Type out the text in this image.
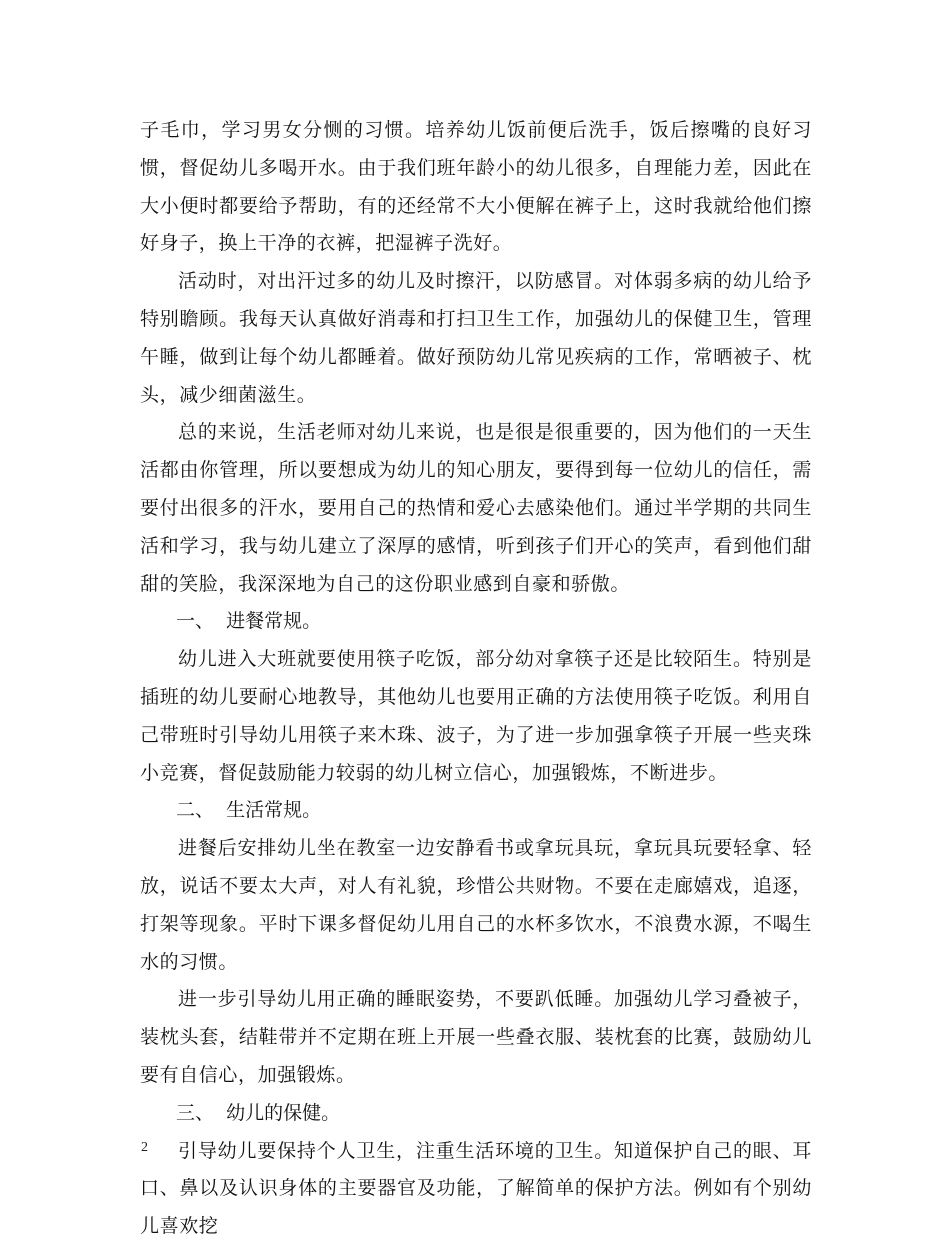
子毛巾，学习男女分恻的习惯。培养幼儿饭前便后洗手，饭后擦嘴的良好习惯，督促幼儿多喝开水。由于我们班年龄小的幼儿很多，自理能力差，因此在大小便时都要给予帮助，有的还经常不大小便解在裤子上，这时我就给他们擦好身子，换上干净的衣裤，把湿裤子洗好。

活动时，对出汗过多的幼儿及时擦汗，以防感冒。对体弱多病的幼儿给予特别瞻顾。我每天认真做好消毒和打扫卫生工作，加强幼儿的保健卫生，管理午睡，做到让每个幼儿都睡着。做好预防幼儿常见疾病的工作，常晒被子、枕头，减少细菌滋生。

总的来说，生活老师对幼儿来说，也是很是很重要的，因为他们的一天生活都由你管理，所以要想成为幼儿的知心朋友，要得到每一位幼儿的信任，需要付出很多的汗水，要用自己的热情和爱心去感染他们。通过半学期的共同生活和学习，我与幼儿建立了深厚的感情，听到孩子们开心的笑声，看到他们甜甜的笑脸，我深深地为自己的这份职业感到自豪和骄傲。

一、  进餐常规。

幼儿进入大班就要使用筷子吃饭，部分幼对拿筷子还是比较陌生。特别是插班的幼儿要耐心地教导，其他幼儿也要用正确的方法使用筷子吃饭。利用自己带班时引导幼儿用筷子来木珠、波子，为了进一步加强拿筷子开展一些夹珠小竞赛，督促鼓励能力较弱的幼儿树立信心，加强锻炼，不断进步。

二、  生活常规。

进餐后安排幼儿坐在教室一边安静看书或拿玩具玩，拿玩具玩要轻拿、轻放，说话不要太大声，对人有礼貌，珍惜公共财物。不要在走廊嬉戏，追逐，打架等现象。平时下课多督促幼儿用自己的水杯多饮水，不浪费水源，不喝生水的习惯。

进一步引导幼儿用正确的睡眠姿势，不要趴低睡。加强幼儿学习叠被子，装枕头套，结鞋带并不定期在班上开展一些叠衣服、装枕套的比赛，鼓励幼儿要有自信心，加强锻炼。

三、  幼儿的保健。

引导幼儿要保持个人卫生，注重生活环境的卫生。知道保护自己的眼、耳口、鼻以及认识身体的主要器官及功能，了解简单的保护方法。例如有个别幼儿喜欢挖

2
